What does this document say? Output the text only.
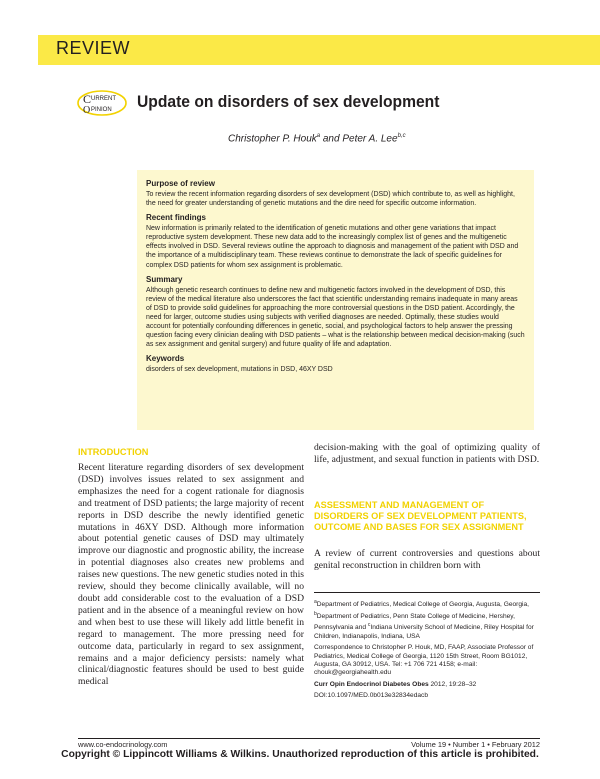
REVIEW
C URRENT
O PINION Update on disorders of sex development
Christopher P. Houk$^a$ and Peter A. Lee$^{b,c}$

Purpose of review

To review the recent information regarding disorders of sex development (DSD) which contribute to, as well as highlight, the need for greater understanding of genetic mutations and the dire need for specific outcome information.

Recent findings

New information is primarily related to the identification of genetic mutations and other gene variations that impact reproductive system development. These new data add to the increasingly complex list of genes and the multigenetic effects involved in DSD. Several reviews outline the approach to diagnosis and management of the patient with DSD and the importance of a multidisciplinary team. These reviews continue to demonstrate the lack of specific guidelines for complex DSD patients for whom sex assignment is problematic.

Summary

Although genetic research continues to define new and multigenetic factors involved in the development of DSD, this review of the medical literature also underscores the fact that scientific understanding remains inadequate in many areas of DSD to provide solid guidelines for approaching the more controversial questions in the DSD patient. Accordingly, the need for larger, outcome studies using subjects with verified diagnoses are needed. Optimally, these studies would account for potentially confounding differences in genetic, social, and psychological factors to help answer the pressing question facing every clinician dealing with DSD patients – what is the relationship between medical decision-making (such as sex assignment and genital surgery) and future quality of life and adaptation.

Keywords

disorders of sex development, mutations in DSD, 46XY DSD

INTRODUCTION
Recent literature regarding disorders of sex development (DSD) involves issues related to sex assignment and emphasizes the need for a cogent rationale for diagnosis and treatment of DSD patients; the large majority of recent reports in DSD describe the newly identified genetic mutations in 46XY DSD. Although more information about potential genetic causes of DSD may ultimately improve our diagnostic and prognostic ability, the increase in potential diagnoses also creates new problems and raises new questions. The new genetic studies noted in this review, should they become clinically available, will no doubt add considerable cost to the evaluation of a DSD patient and in the absence of a meaningful review on how and when best to use these will likely add little benefit in regard to management. The more pressing need for outcome data, particularly in regard to sex assignment, remains and a major deficiency persists: namely what clinical/diagnostic features should be used to best guide medical
decision-making with the goal of optimizing quality of life, adjustment, and sexual function in patients with DSD.
ASSESSMENT AND MANAGEMENT OF DISORDERS OF SEX DEVELOPMENT PATIENTS, OUTCOME AND BASES FOR SEX ASSIGNMENT
A review of current controversies and questions about genital reconstruction in children born with

$^a$Department of Pediatrics, Medical College of Georgia, Augusta, Georgia, $^b$Department of Pediatrics, Penn State College of Medicine, Hershey, Pennsylvania and $^c$Indiana University School of Medicine, Riley Hospital for Children, Indianapolis, Indiana, USA

Correspondence to Christopher P. Houk, MD, FAAP, Associate Professor of Pediatrics, Medical College of Georgia, 1120 15th Street, Room BG1012, Augusta, GA 30912, USA. Tel: +1 706 721 4158; e-mail: chouk@georgiahealth.edu

Curr Opin Endocrinol Diabetes Obes 2012, 19:28–32

DOI:10.1097/MED.0b013e32834edacb

www.co-endocrinology.com	Volume 19 • Number 1 • February 2012
Copyright © Lippincott Williams & Wilkins. Unauthorized reproduction of this article is prohibited.
